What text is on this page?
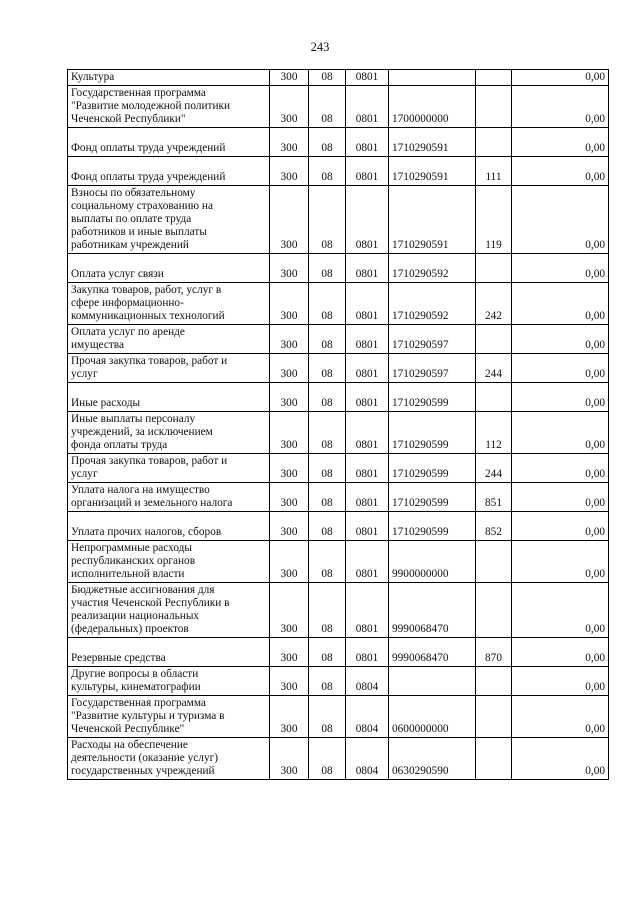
243
Культура	300	08	0801			0,00
Государственная программа
"Развитие молодежной политики
Чеченской Республики"	300	08	0801	1700000000		0,00
Фонд оплаты труда учреждений	300	08	0801	1710290591		0,00
Фонд оплаты труда учреждений	300	08	0801	1710290591	111	0,00
Взносы по обязательному
социальному страхованию на
выплаты по оплате труда
работников и иные выплаты
работникам учреждений	300	08	0801	1710290591	119	0,00
Оплата услуг связи	300	08	0801	1710290592		0,00
Закупка товаров, работ, услуг в
сфере информационно-
коммуникационных технологий	300	08	0801	1710290592	242	0,00
Оплата услуг по аренде
имущества	300	08	0801	1710290597		0,00
Прочая закупка товаров, работ и
услуг	300	08	0801	1710290597	244	0,00
Иные расходы	300	08	0801	1710290599		0,00
Иные выплаты персоналу
учреждений, за исключением
фонда оплаты труда	300	08	0801	1710290599	112	0,00
Прочая закупка товаров, работ и
услуг	300	08	0801	1710290599	244	0,00
Уплата налога на имущество
организаций и земельного налога	300	08	0801	1710290599	851	0,00
Уплата прочих налогов, сборов	300	08	0801	1710290599	852	0,00
Непрограммные расходы
республиканских органов
исполнительной власти	300	08	0801	9900000000		0,00
Бюджетные ассигнования для
участия Чеченской Республики в
реализации национальных
(федеральных) проектов	300	08	0801	9990068470		0,00
Резервные средства	300	08	0801	9990068470	870	0,00
Другие вопросы в области
культуры, кинематографии	300	08	0804			0,00
Государственная программа
"Развитие культуры и туризма в
Чеченской Республике"	300	08	0804	0600000000		0,00
Расходы на обеспечение
деятельности (оказание услуг)
государственных учреждений	300	08	0804	0630290590		0,00
